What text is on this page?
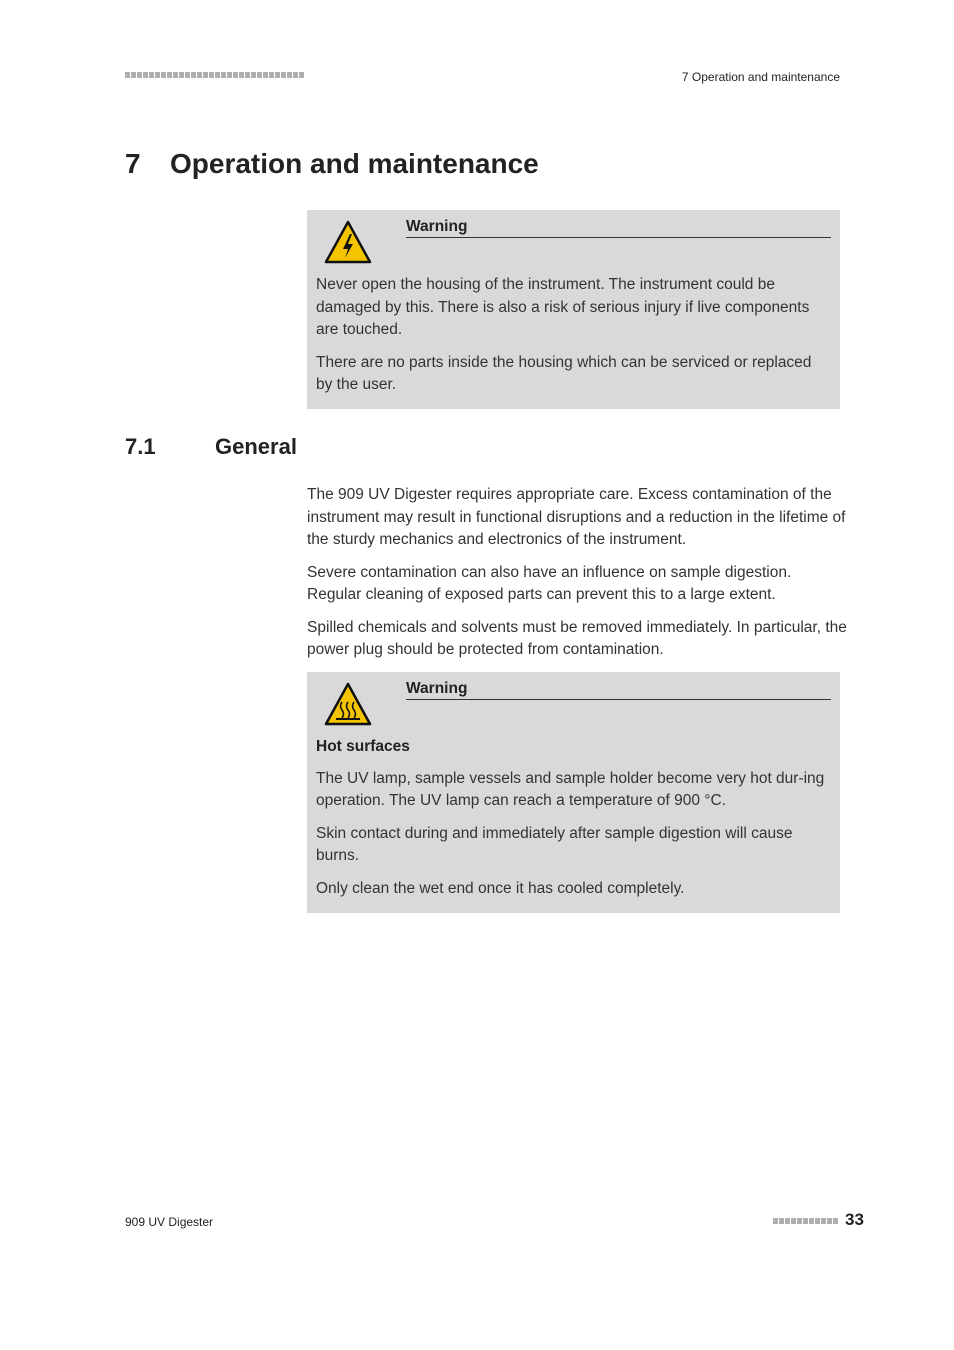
7 Operation and maintenance
7	Operation and maintenance
Warning

Never open the housing of the instrument. The instrument could be damaged by this. There is also a risk of serious injury if live components are touched.

There are no parts inside the housing which can be serviced or replaced by the user.

7.1	General

The 909 UV Digester requires appropriate care. Excess contamination of the instrument may result in functional disruptions and a reduction in the lifetime of the sturdy mechanics and electronics of the instrument.

Severe contamination can also have an influence on sample digestion. Regular cleaning of exposed parts can prevent this to a large extent.

Spilled chemicals and solvents must be removed immediately. In particular, the power plug should be protected from contamination.

Warning

Hot surfaces

The UV lamp, sample vessels and sample holder become very hot dur-ing operation. The UV lamp can reach a temperature of 900 °C.

Skin contact during and immediately after sample digestion will cause burns.

Only clean the wet end once it has cooled completely.

909 UV Digester	33
